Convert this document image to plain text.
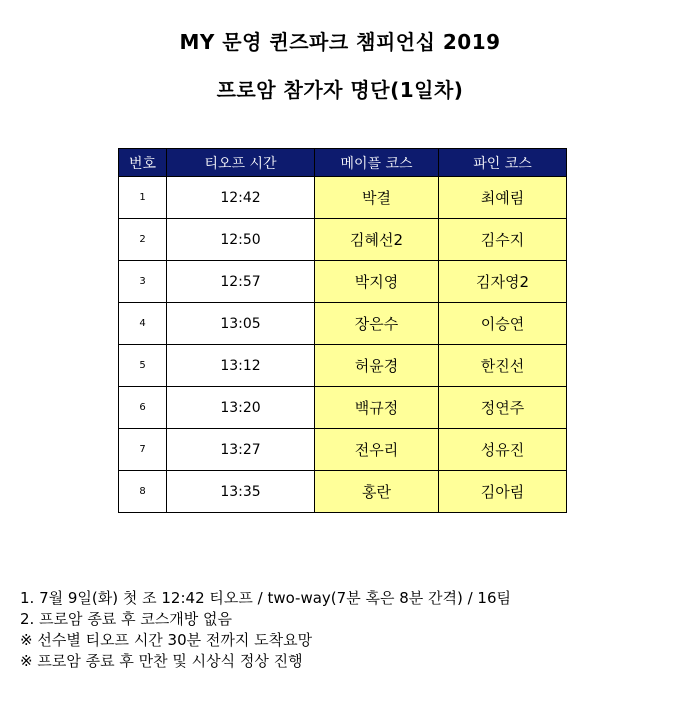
MY 문영 퀸즈파크 챔피언십 2019
프로암 참가자 명단(1일차)
번호	티오프 시간	메이플 코스	파인 코스
1	12:42	박결	최예림
2	12:50	김혜선2	김수지
3	12:57	박지영	김자영2
4	13:05	장은수	이승연
5	13:12	허윤경	한진선
6	13:20	백규정	정연주
7	13:27	전우리	성유진
8	13:35	홍란	김아림
1. 7월 9일(화) 첫 조 12:42 티오프 / two-way(7분 혹은 8분 간격) / 16팀
2. 프로암 종료 후 코스개방 없음
※ 선수별 티오프 시간 30분 전까지 도착요망
※ 프로암 종료 후 만찬 및 시상식 정상 진행
